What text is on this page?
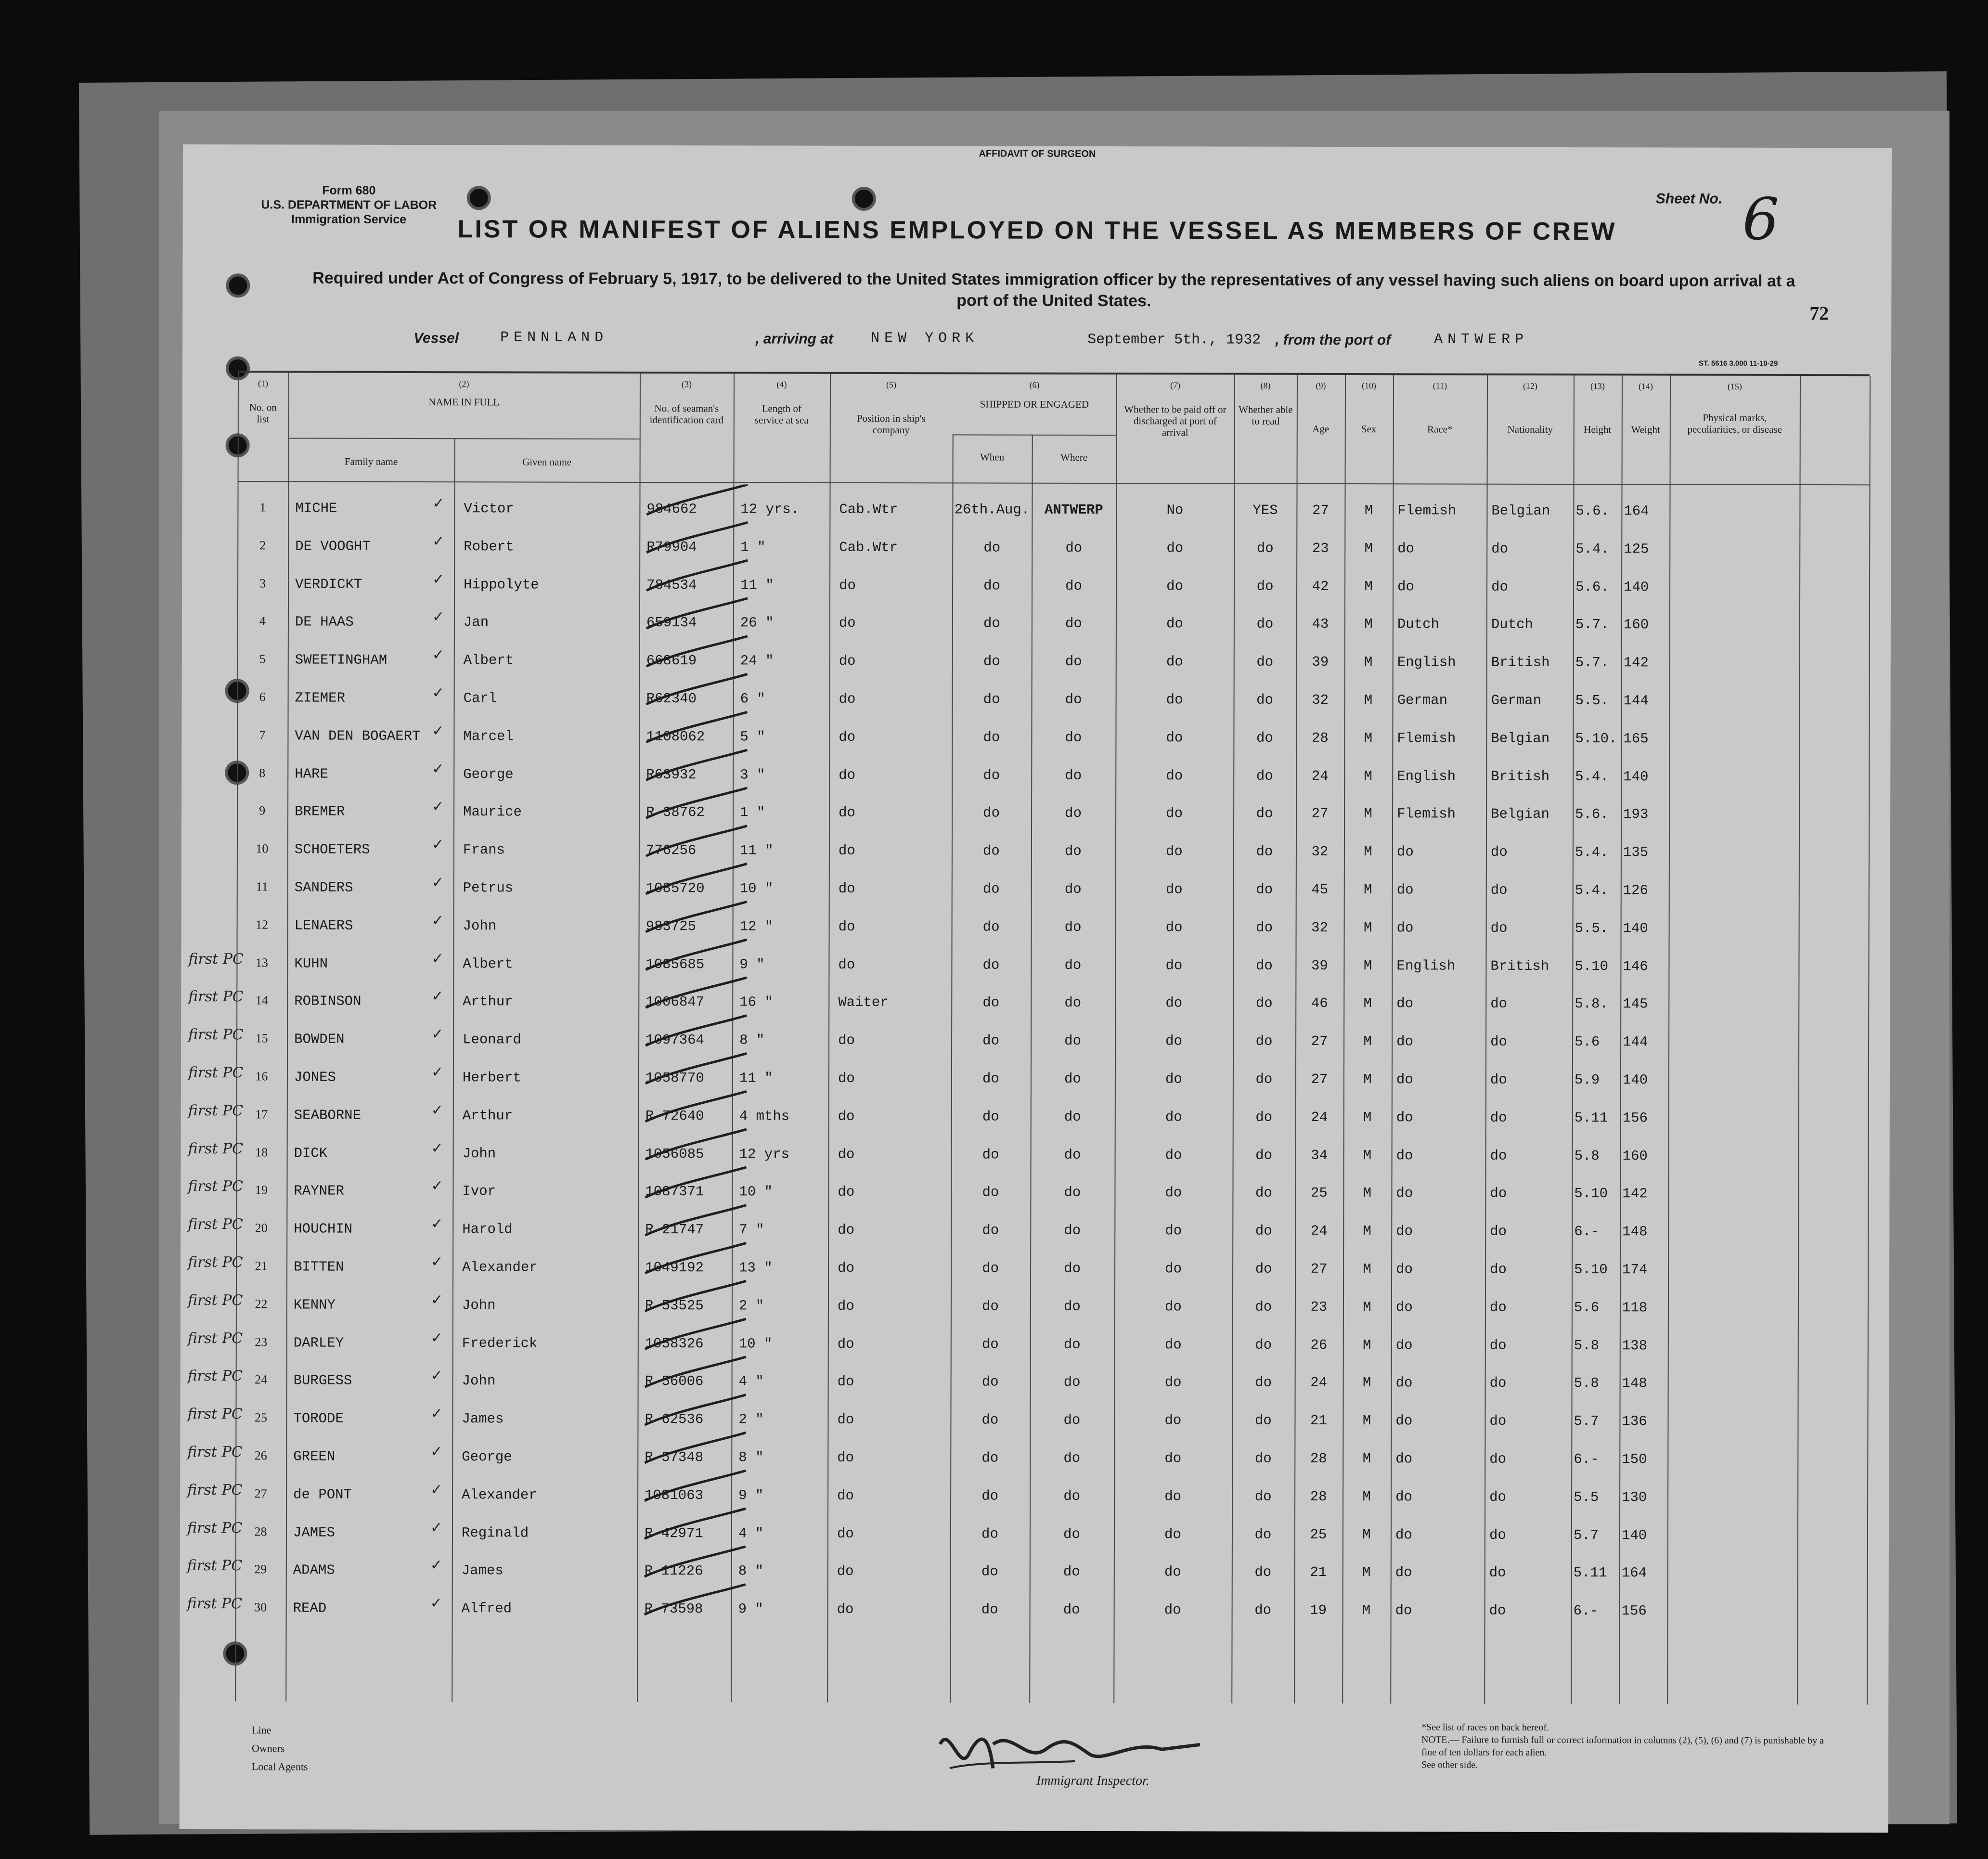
AFFIDAVIT OF SURGEON
Form 680
U.S. DEPARTMENT OF LABOR
Immigration Service
Sheet No. 6
LIST OR MANIFEST OF ALIENS EMPLOYED ON THE VESSEL AS MEMBERS OF CREW
Required under Act of Congress of February 5, 1917, to be delivered to the United States immigration officer by the representatives of any vessel having such aliens on board upon arrival at a port of the United States.
72
Vessel	PENNLAND	, arriving at	NEW YORK	September 5th., 1932 , from the port of	ANTWERP
ST. 5616 3.000 11-10-29
(1)
No. on list
(2)
NAME IN FULL
Family name	Given name
(3)
No. of seaman's identification card
(4)
Length of service at sea
(5)
Position in ship's company
(6)
SHIPPED OR ENGAGED
When	Where
(7)
Whether to be paid off or discharged at port of arrival
(8)
Whether able to read
(9)
Age
(10)
Sex
(11)
Race*
(12)
Nationality
(13)
Height
(14)
Weight
(15)
Physical marks, peculiarities, or disease
1	MICHE	Victor	984662	12 yrs.	Cab.Wtr	26th.Aug.	ANTWERP	No	YES	27	M	Flemish	Belgian	5.6.	164
✓
2	DE VOOGHT	Robert	R79904	1 "	Cab.Wtr	do	do	do	do	23	M	do	do	5.4.	125
✓
3	VERDICKT	Hippolyte	784534	11 "	do	do	do	do	do	42	M	do	do	5.6.	140
✓
4	DE HAAS	Jan	659134	26 "	do	do	do	do	do	43	M	Dutch	Dutch	5.7.	160
✓
5	SWEETINGHAM	Albert	668619	24 "	do	do	do	do	do	39	M	English	British	5.7.	142
✓
6	ZIEMER	Carl	R62340	6 "	do	do	do	do	do	32	M	German	German	5.5.	144
✓
7	VAN DEN BOGAERT	Marcel	1108062	5 "	do	do	do	do	do	28	M	Flemish	Belgian	5.10. 165
✓
8	HARE	George	R63932	3 "	do	do	do	do	do	24	M	English	British	5.4.	140
✓
9	BREMER	Maurice	R 38762	1 "	do	do	do	do	do	27	M	Flemish	Belgian	5.6.	193
✓
10	SCHOETERS	Frans	776256	11 "	do	do	do	do	do	32	M	do	do	5.4.	135
✓
11	SANDERS	Petrus	1085720	10 "	do	do	do	do	do	45	M	do	do	5.4.	126
✓
12	LENAERS	John	983725	12 "	do	do	do	do	do	32	M	do	do	5.5.	140
✓
13	KUHN	Albert	1085685	9 "	do	do	do	do	do	39	M	English	British	5.10	146
✓
first PC
14	ROBINSON	Arthur	1006847	16 "	Waiter	do	do	do	do	46	M	do	do	5.8.	145
✓
first PC
15	BOWDEN	Leonard	1097364	8 "	do	do	do	do	do	27	M	do	do	5.6	144
✓
first PC
16	JONES	Herbert	1058770	11 "	do	do	do	do	do	27	M	do	do	5.9	140
✓
first PC
17	SEABORNE	Arthur	R 72640	4 mths	do	do	do	do	do	24	M	do	do	5.11	156
✓
first PC
18	DICK	John	1056085	12 yrs	do	do	do	do	do	34	M	do	do	5.8	160
✓
first PC
19	RAYNER	Ivor	1087371	10 "	do	do	do	do	do	25	M	do	do	5.10	142
✓
first PC
20	HOUCHIN	Harold	R 21747	7 "	do	do	do	do	do	24	M	do	do	6.-	148
✓
first PC
21	BITTEN	Alexander	1049192	13 "	do	do	do	do	do	27	M	do	do	5.10	174
✓
first PC
22	KENNY	John	R 53525	2 "	do	do	do	do	do	23	M	do	do	5.6	118
✓
first PC
23	DARLEY	Frederick	1058326	10 "	do	do	do	do	do	26	M	do	do	5.8	138
✓
first PC
24	BURGESS	John	R 56006	4 "	do	do	do	do	do	24	M	do	do	5.8	148
✓
first PC
25	TORODE	James	R 62536	2 "	do	do	do	do	do	21	M	do	do	5.7	136
✓
first PC
26	GREEN	George	R 57348	8 "	do	do	do	do	do	28	M	do	do	6.-	150
✓
first PC
27	de PONT	Alexander	1081063	9 "	do	do	do	do	do	28	M	do	do	5.5	130
✓
first PC
28	JAMES	Reginald	R 42971	4 "	do	do	do	do	do	25	M	do	do	5.7	140
✓
first PC
29	ADAMS	James	R 11226	8 "	do	do	do	do	do	21	M	do	do	5.11	164
✓
first PC
30	READ	Alfred	R 73598	9 "	do	do	do	do	do	19	M	do	do	6.-	156
✓
first PC
Line
Owners
Local Agents
Immigrant Inspector.
*See list of races on back hereof.
NOTE.— Failure to furnish full or correct information in columns (2), (5), (6) and (7) is punishable by a fine of ten dollars for each alien.
See other side.
